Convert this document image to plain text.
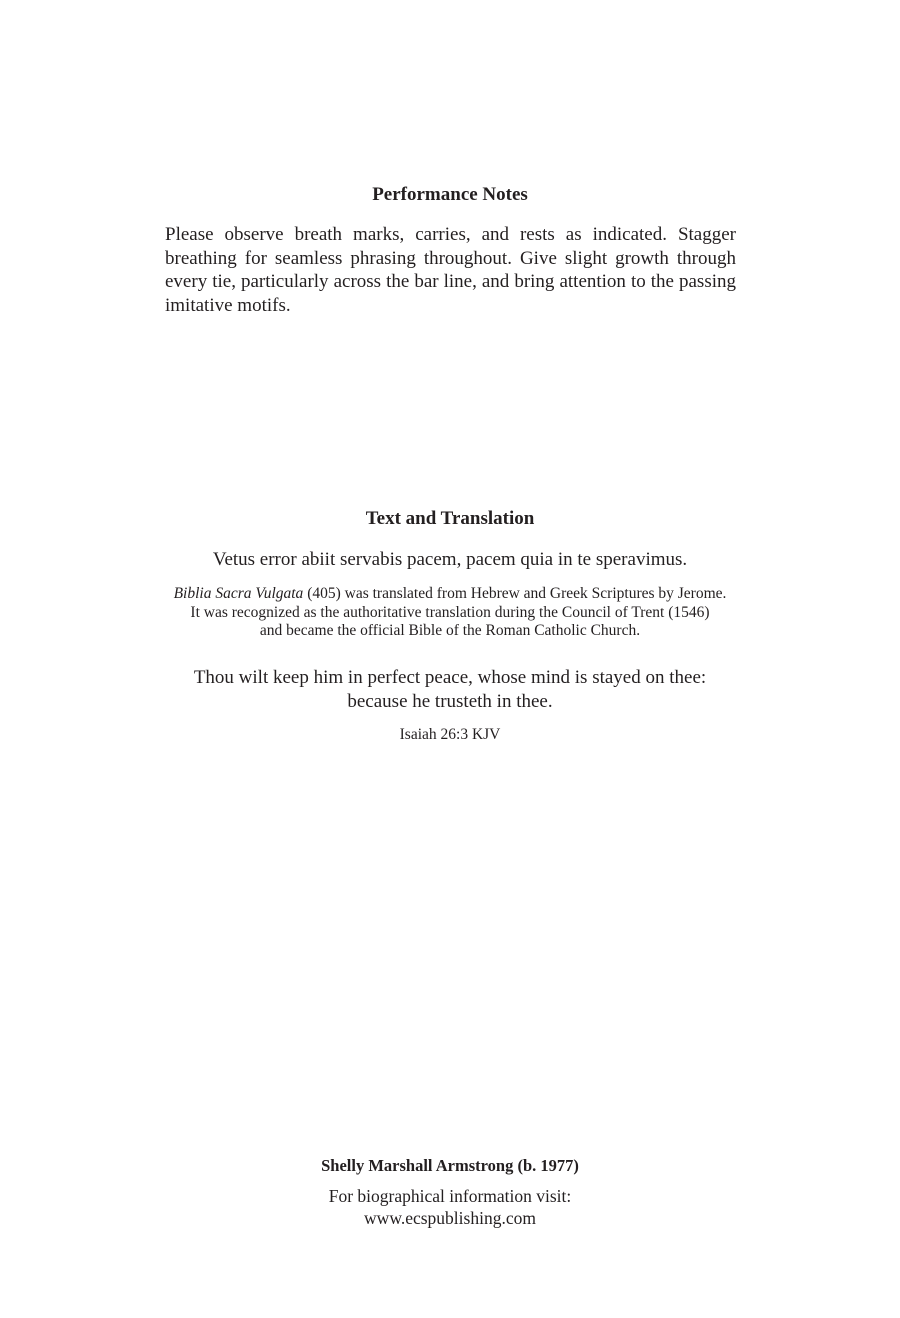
Performance Notes

Please observe breath marks, carries, and rests as indicated. Stagger breathing for seamless phrasing throughout. Give slight growth through every tie, particularly across the bar line, and bring attention to the passing imitative motifs.

Text and Translation

Vetus error abiit servabis pacem, pacem quia in te speravimus.

Biblia Sacra Vulgata (405) was translated from Hebrew and Greek Scriptures by Jerome.
It was recognized as the authoritative translation during the Council of Trent (1546)
and became the official Bible of the Roman Catholic Church.

Thou wilt keep him in perfect peace, whose mind is stayed on thee:
because he trusteth in thee.

Isaiah 26:3 KJV

Shelly Marshall Armstrong (b. 1977)

For biographical information visit:
www.ecspublishing.com
